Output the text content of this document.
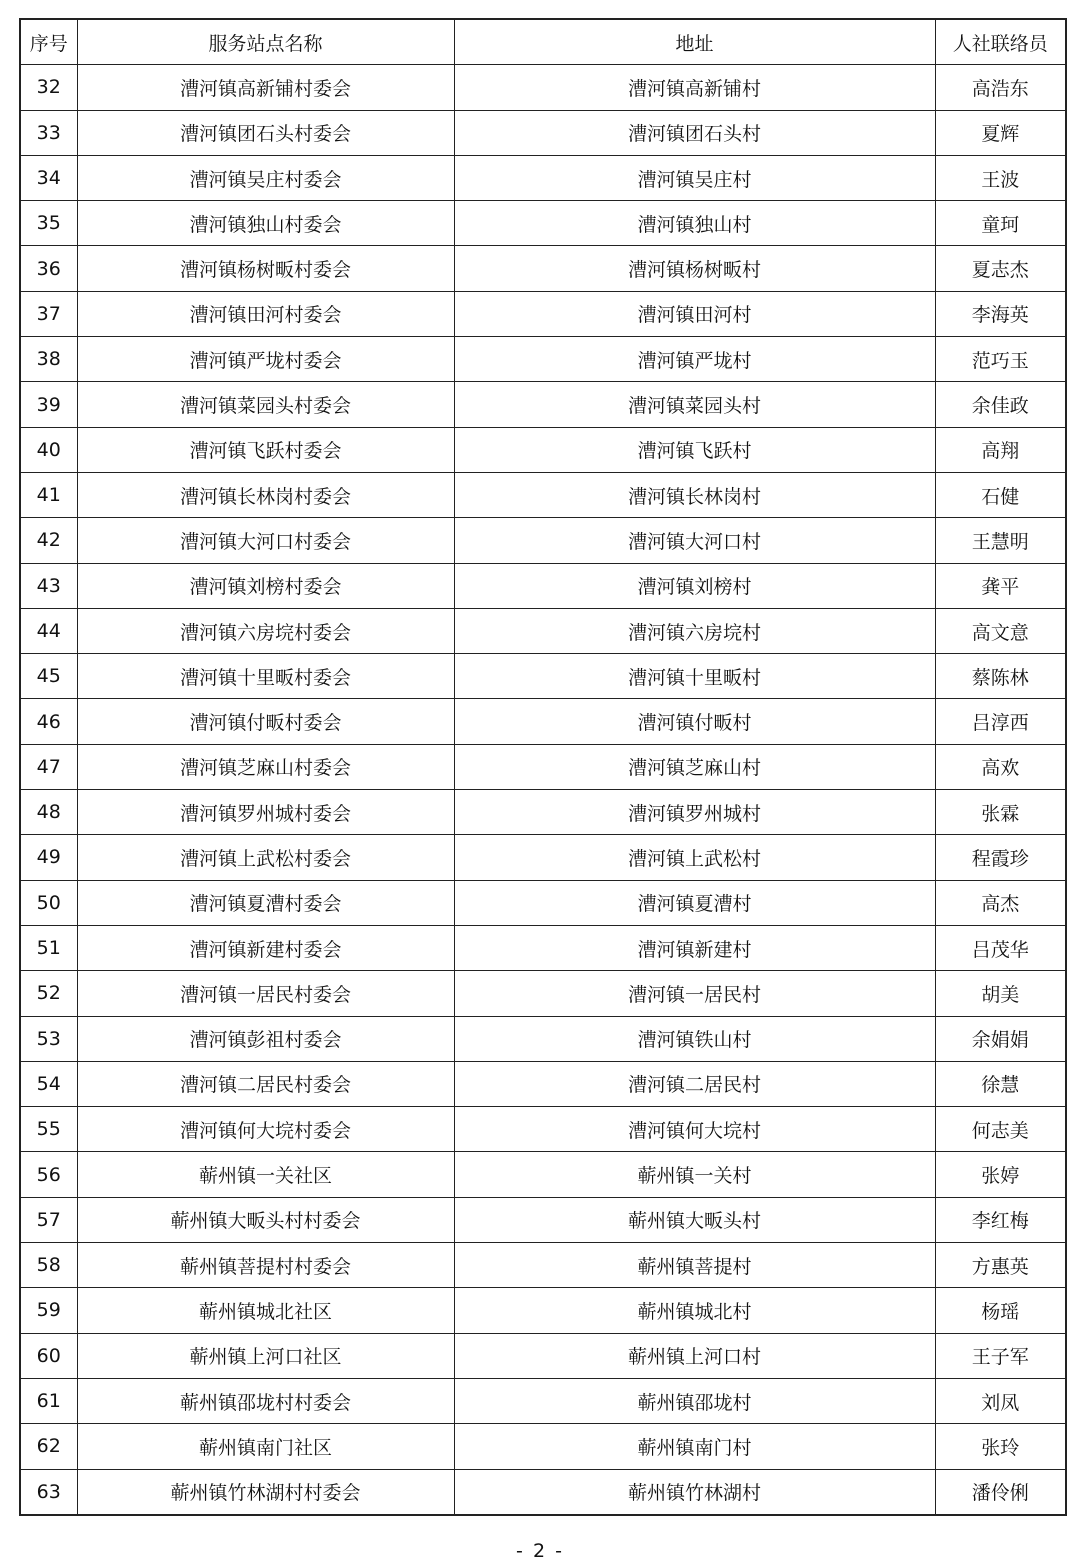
序号	服务站点名称	地址	人社联络员
32	漕河镇高新铺村委会	漕河镇高新铺村	高浩东
33	漕河镇团石头村委会	漕河镇团石头村	夏辉
34	漕河镇吴庄村委会	漕河镇吴庄村	王波
35	漕河镇独山村委会	漕河镇独山村	童珂
36	漕河镇杨树畈村委会	漕河镇杨树畈村	夏志杰
37	漕河镇田河村委会	漕河镇田河村	李海英
38	漕河镇严垅村委会	漕河镇严垅村	范巧玉
39	漕河镇菜园头村委会	漕河镇菜园头村	余佳政
40	漕河镇飞跃村委会	漕河镇飞跃村	高翔
41	漕河镇长林岗村委会	漕河镇长林岗村	石健
42	漕河镇大河口村委会	漕河镇大河口村	王慧明
43	漕河镇刘榜村委会	漕河镇刘榜村	龚平
44	漕河镇六房垸村委会	漕河镇六房垸村	高文意
45	漕河镇十里畈村委会	漕河镇十里畈村	蔡陈林
46	漕河镇付畈村委会	漕河镇付畈村	吕淳西
47	漕河镇芝麻山村委会	漕河镇芝麻山村	高欢
48	漕河镇罗州城村委会	漕河镇罗州城村	张霖
49	漕河镇上武松村委会	漕河镇上武松村	程霞珍
50	漕河镇夏漕村委会	漕河镇夏漕村	高杰
51	漕河镇新建村委会	漕河镇新建村	吕茂华
52	漕河镇一居民村委会	漕河镇一居民村	胡美
53	漕河镇彭祖村委会	漕河镇铁山村	余娟娟
54	漕河镇二居民村委会	漕河镇二居民村	徐慧
55	漕河镇何大垸村委会	漕河镇何大垸村	何志美
56	蕲州镇一关社区	蕲州镇一关村	张婷
57	蕲州镇大畈头村村委会	蕲州镇大畈头村	李红梅
58	蕲州镇菩提村村委会	蕲州镇菩提村	方惠英
59	蕲州镇城北社区	蕲州镇城北村	杨瑶
60	蕲州镇上河口社区	蕲州镇上河口村	王子军
61	蕲州镇邵垅村村委会	蕲州镇邵垅村	刘凤
62	蕲州镇南门社区	蕲州镇南门村	张玲
63	蕲州镇竹林湖村村委会	蕲州镇竹林湖村	潘伶俐
- 2 -
